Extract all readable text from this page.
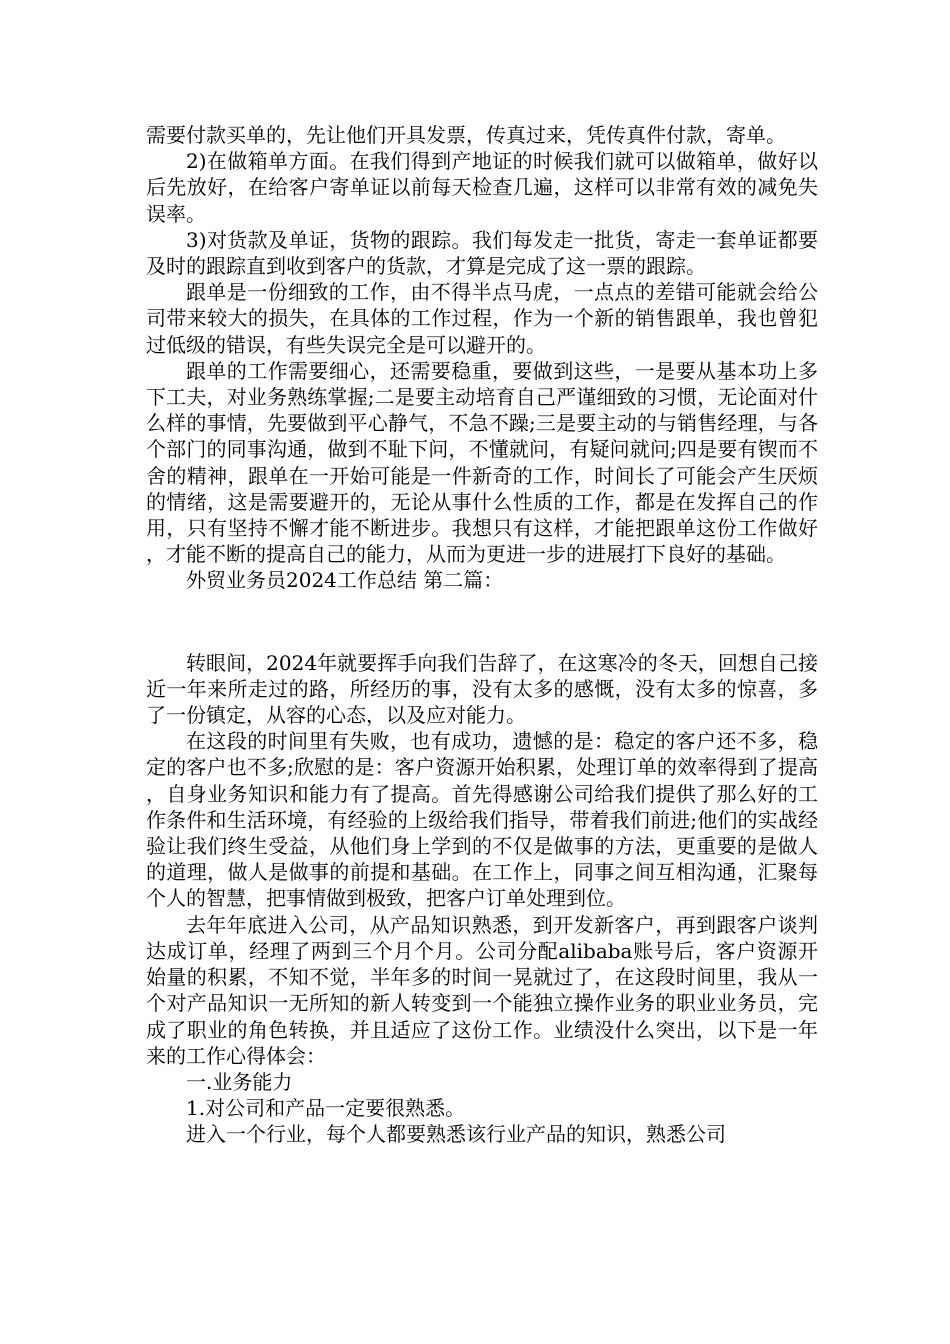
需要付款买单的，先让他们开具发票，传真过来，凭传真件付款，寄单。

2)在做箱单方面。在我们得到产地证的时候我们就可以做箱单，做好以后先放好，在给客户寄单证以前每天检查几遍，这样可以非常有效的减免失误率。

3)对货款及单证，货物的跟踪。我们每发走一批货，寄走一套单证都要及时的跟踪直到收到客户的货款，才算是完成了这一票的跟踪。

跟单是一份细致的工作，由不得半点马虎，一点点的差错可能就会给公司带来较大的损失，在具体的工作过程，作为一个新的销售跟单，我也曾犯过低级的错误，有些失误完全是可以避开的。

跟单的工作需要细心，还需要稳重，要做到这些，一是要从基本功上多下工夫，对业务熟练掌握;二是要主动培育自己严谨细致的习惯，无论面对什么样的事情，先要做到平心静气，不急不躁;三是要主动的与销售经理，与各个部门的同事沟通，做到不耻下问，不懂就问，有疑问就问;四是要有锲而不舍的精神，跟单在一开始可能是一件新奇的工作，时间长了可能会产生厌烦的情绪，这是需要避开的，无论从事什么性质的工作，都是在发挥自己的作用，只有坚持不懈才能不断进步。我想只有这样，才能把跟单这份工作做好，才能不断的提高自己的能力，从而为更进一步的进展打下良好的基础。

外贸业务员2024工作总结 第二篇：

转眼间，2024年就要挥手向我们告辞了，在这寒冷的冬天，回想自己接近一年来所走过的路，所经历的事，没有太多的感慨，没有太多的惊喜，多了一份镇定，从容的心态，以及应对能力。

在这段的时间里有失败，也有成功，遗憾的是：稳定的客户还不多，稳定的客户也不多;欣慰的是：客户资源开始积累，处理订单的效率得到了提高，自身业务知识和能力有了提高。首先得感谢公司给我们提供了那么好的工作条件和生活环境，有经验的上级给我们指导，带着我们前进;他们的实战经验让我们终生受益，从他们身上学到的不仅是做事的方法，更重要的是做人的道理，做人是做事的前提和基础。在工作上，同事之间互相沟通，汇聚每个人的智慧，把事情做到极致，把客户订单处理到位。

去年年底进入公司，从产品知识熟悉，到开发新客户，再到跟客户谈判达成订单，经理了两到三个月个月。公司分配alibaba账号后，客户资源开始量的积累，不知不觉，半年多的时间一晃就过了，在这段时间里，我从一个对产品知识一无所知的新人转变到一个能独立操作业务的职业业务员，完成了职业的角色转换，并且适应了这份工作。业绩没什么突出，以下是一年来的工作心得体会：

一.业务能力

1.对公司和产品一定要很熟悉。

进入一个行业，每个人都要熟悉该行业产品的知识，熟悉公司
